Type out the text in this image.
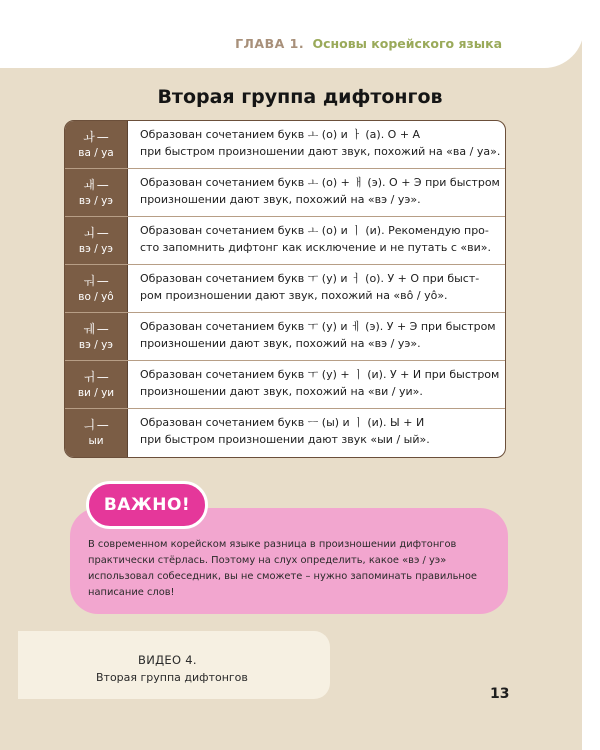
ГЛАВА 1. Основы корейского языка
Вторая группа дифтонгов
ㅘ —
ва / уа
Образован сочетанием букв ㅗ (о) и ㅏ (а). О + А
при быстром произношении дают звук, похожий на «ва / уа».
ㅙ —
вэ / уэ
Образован сочетанием букв ㅗ (о) + ㅐ (э). О + Э при быстром
произношении дают звук, похожий на «вэ / уэ».
ㅚ —
вэ / уэ
Образован сочетанием букв ㅗ (о) и ㅣ (и). Рекомендую про-
сто запомнить дифтонг как исключение и не путать с «ви».
ㅝ —
во / уô
Образован сочетанием букв ㅜ (у) и ㅓ (о). У + О при быст-
ром произношении дают звук, похожий на «вô / уô».
ㅞ —
вэ / уэ
Образован сочетанием букв ㅜ (у) и ㅔ (э). У + Э при быстром
произношении дают звук, похожий на «вэ / уэ».
ㅟ —
ви / уи
Образован сочетанием букв ㅜ (у) + ㅣ (и). У + И при быстром
произношении дают звук, похожий на «ви / уи».
ㅢ —
ыи
Образован сочетанием букв ㅡ (ы) и ㅣ (и). Ы + И
при быстром произношении дают звук «ыи / ый».
ВАЖНО!
В современном корейском языке разница в произношении дифтонгов практически стёрлась. Поэтому на слух определить, какое «вэ / уэ» использовал собеседник, вы не сможете – нужно запоминать правильное написание слов!
ВИДЕО 4.
Вторая группа дифтонгов
13
